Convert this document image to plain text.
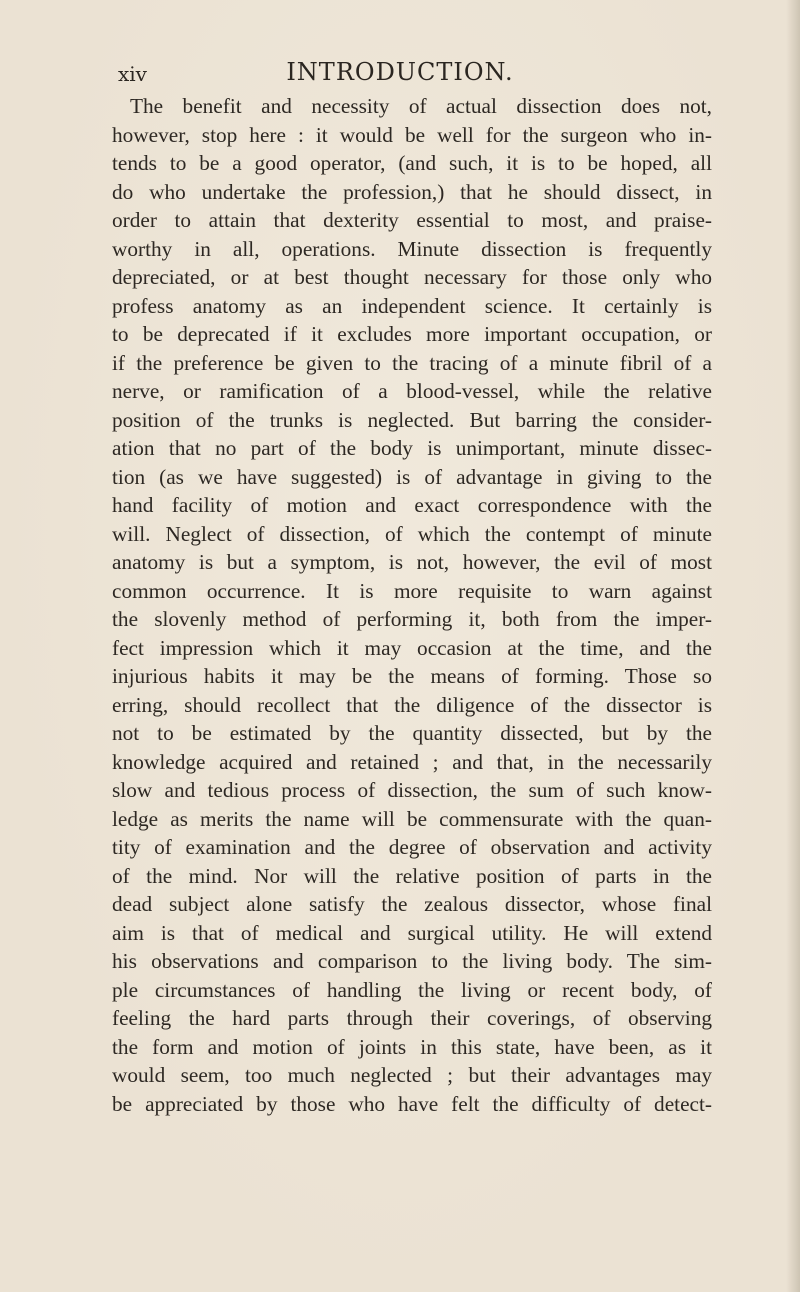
xiv	INTRODUCTION.
The benefit and necessity of actual dissection does not,
however, stop here : it would be well for the surgeon who in-
tends to be a good operator, (and such, it is to be hoped, all
do who undertake the profession,) that he should dissect, in
order to attain that dexterity essential to most, and praise-
worthy in all, operations. Minute dissection is frequently
depreciated, or at best thought necessary for those only who
profess anatomy as an independent science. It certainly is
to be deprecated if it excludes more important occupation, or
if the preference be given to the tracing of a minute fibril of a
nerve, or ramification of a blood-vessel, while the relative
position of the trunks is neglected. But barring the consider-
ation that no part of the body is unimportant, minute dissec-
tion (as we have suggested) is of advantage in giving to the
hand facility of motion and exact correspondence with the
will. Neglect of dissection, of which the contempt of minute
anatomy is but a symptom, is not, however, the evil of most
common occurrence. It is more requisite to warn against
the slovenly method of performing it, both from the imper-
fect impression which it may occasion at the time, and the
injurious habits it may be the means of forming. Those so
erring, should recollect that the diligence of the dissector is
not to be estimated by the quantity dissected, but by the
knowledge acquired and retained ; and that, in the necessarily
slow and tedious process of dissection, the sum of such know-
ledge as merits the name will be commensurate with the quan-
tity of examination and the degree of observation and activity
of the mind. Nor will the relative position of parts in the
dead subject alone satisfy the zealous dissector, whose final
aim is that of medical and surgical utility. He will extend
his observations and comparison to the living body. The sim-
ple circumstances of handling the living or recent body, of
feeling the hard parts through their coverings, of observing
the form and motion of joints in this state, have been, as it
would seem, too much neglected ; but their advantages may
be appreciated by those who have felt the difficulty of detect-
